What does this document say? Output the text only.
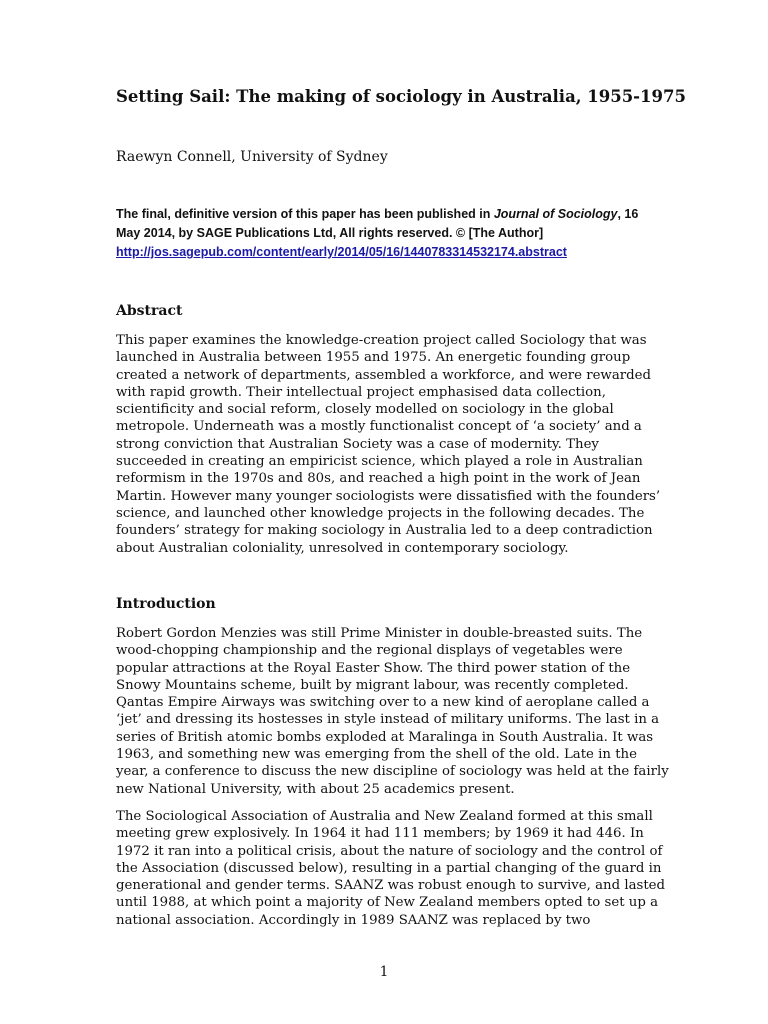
Setting Sail: The making of sociology in Australia, 1955-1975
Raewyn Connell, University of Sydney
The final, definitive version of this paper has been published in Journal of Sociology, 16
May 2014, by SAGE Publications Ltd, All rights reserved. © [The Author]
http://jos.sagepub.com/content/early/2014/05/16/1440783314532174.abstract
Abstract

This paper examines the knowledge-creation project called Sociology that was
launched in Australia between 1955 and 1975. An energetic founding group
created a network of departments, assembled a workforce, and were rewarded
with rapid growth. Their intellectual project emphasised data collection,
scientificity and social reform, closely modelled on sociology in the global
metropole. Underneath was a mostly functionalist concept of ‘a society’ and a
strong conviction that Australian Society was a case of modernity. They
succeeded in creating an empiricist science, which played a role in Australian
reformism in the 1970s and 80s, and reached a high point in the work of Jean
Martin. However many younger sociologists were dissatisfied with the founders’
science, and launched other knowledge projects in the following decades. The
founders’ strategy for making sociology in Australia led to a deep contradiction
about Australian coloniality, unresolved in contemporary sociology.

Introduction

Robert Gordon Menzies was still Prime Minister in double-breasted suits. The
wood-chopping championship and the regional displays of vegetables were
popular attractions at the Royal Easter Show. The third power station of the
Snowy Mountains scheme, built by migrant labour, was recently completed.
Qantas Empire Airways was switching over to a new kind of aeroplane called a
‘jet’ and dressing its hostesses in style instead of military uniforms. The last in a
series of British atomic bombs exploded at Maralinga in South Australia. It was
1963, and something new was emerging from the shell of the old. Late in the
year, a conference to discuss the new discipline of sociology was held at the fairly
new National University, with about 25 academics present.

The Sociological Association of Australia and New Zealand formed at this small
meeting grew explosively. In 1964 it had 111 members; by 1969 it had 446. In
1972 it ran into a political crisis, about the nature of sociology and the control of
the Association (discussed below), resulting in a partial changing of the guard in
generational and gender terms. SAANZ was robust enough to survive, and lasted
until 1988, at which point a majority of New Zealand members opted to set up a
national association. Accordingly in 1989 SAANZ was replaced by two

1
